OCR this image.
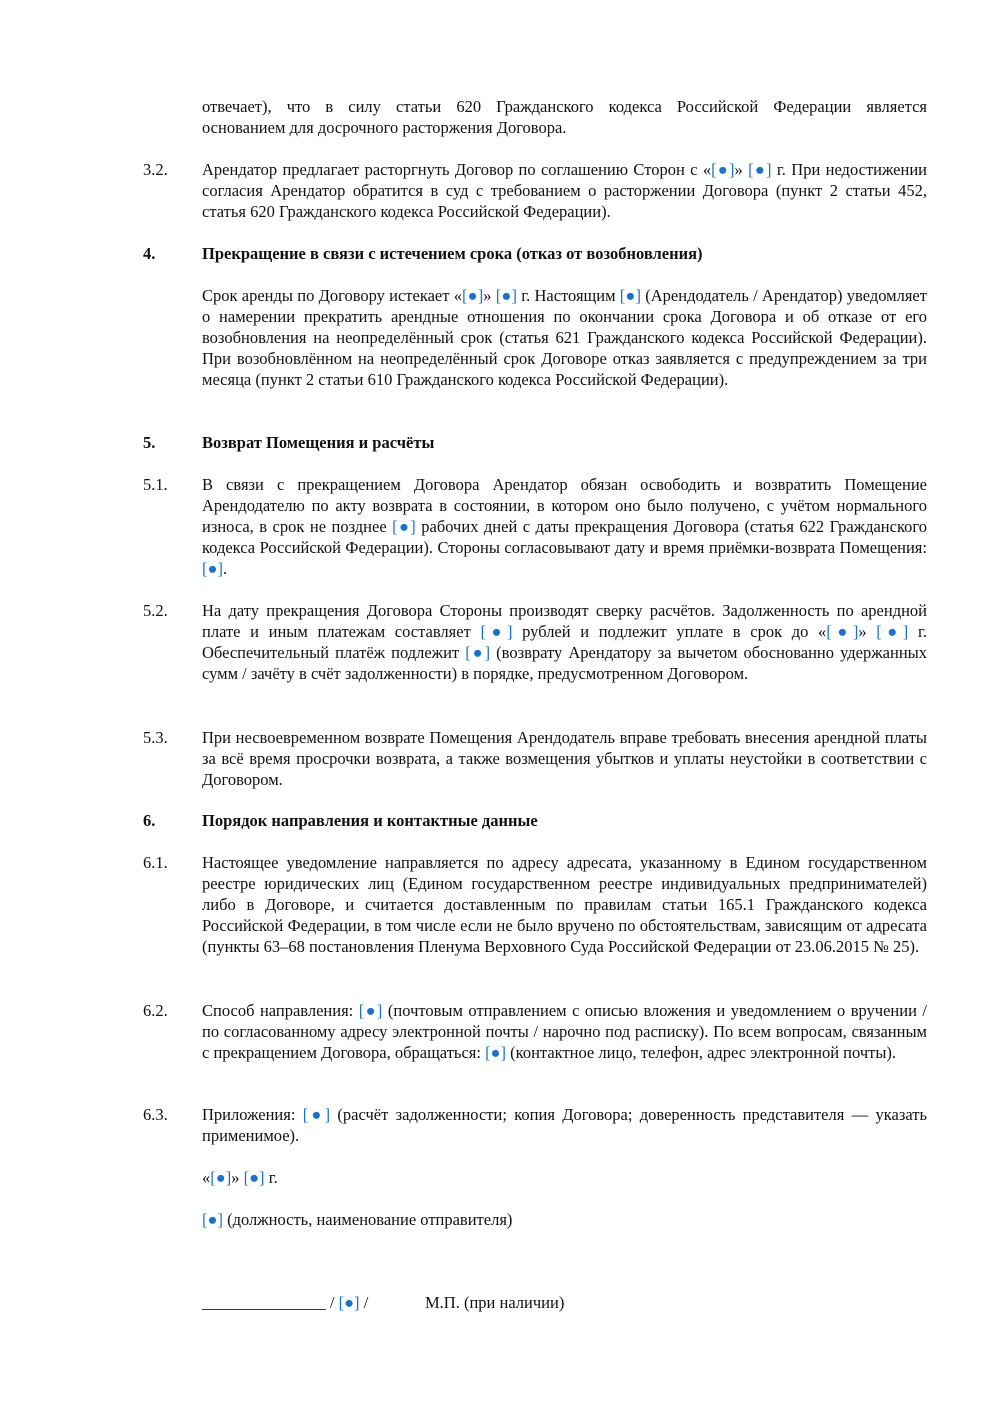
отвечает), что в силу статьи 620 Гражданского кодекса Российской Федерации является

основанием для досрочного расторжения Договора.

3.2. Арендатор предлагает расторгнуть Договор по соглашению Сторон с «[●]» [●] г. При недостижении согласия Арендатор обратится в суд с требованием о расторжении Договора (пункт 2 статьи 452, статья 620 Гражданского кодекса Российской Федерации).

4.	Прекращение в связи с истечением срока (отказ от возобновления)

Срок аренды по Договору истекает «[●]» [●] г. Настоящим [●] (Арендодатель / Арендатор) уведомляет о намерении прекратить арендные отношения по окончании срока Договора и об отказе от его возобновления на неопределённый срок (статья 621 Гражданского кодекса Российской Федерации). При возобновлённом на неопределённый срок Договоре отказ заявляется с предупреждением за три месяца (пункт 2 статьи 610 Гражданского кодекса Российской Федерации).

5.	Возврат Помещения и расчёты

5.1. В связи с прекращением Договора Арендатор обязан освободить и возвратить Помещение Арендодателю по акту возврата в состоянии, в котором оно было получено, с учётом нормального износа, в срок не позднее [●] рабочих дней с даты прекращения Договора (статья 622 Гражданского кодекса Российской Федерации). Стороны согласовывают дату и время приёмки-возврата Помещения: [●].

5.2. На дату прекращения Договора Стороны производят сверку расчётов. Задолженность по арендной плате и иным платежам составляет [●] рублей и подлежит уплате в срок до «[●]» [●] г. Обеспечительный платёж подлежит [●] (возврату Арендатору за вычетом обоснованно удержанных сумм / зачёту в счёт задолженности) в порядке, предусмотренном Договором.

5.3. При несвоевременном возврате Помещения Арендодатель вправе требовать внесения арендной платы за всё время просрочки возврата, а также возмещения убытков и уплаты неустойки в соответствии с Договором.

6.	Порядок направления и контактные данные

6.1. Настоящее уведомление направляется по адресу адресата, указанному в Едином государственном реестре юридических лиц (Едином государственном реестре индивидуальных предпринимателей) либо в Договоре, и считается доставленным по правилам статьи 165.1 Гражданского кодекса Российской Федерации, в том числе если не было вручено по обстоятельствам, зависящим от адресата (пункты 63–68 постановления Пленума Верховного Суда Российской Федерации от 23.06.2015 № 25).

6.2. Способ направления: [●] (почтовым отправлением с описью вложения и уведомлением о вручении / по согласованному адресу электронной почты / нарочно под расписку). По всем вопросам, связанным с прекращением Договора, обращаться: [●] (контактное лицо, телефон, адрес электронной почты).

6.3. Приложения: [●] (расчёт задолженности; копия Договора; доверенность представителя — указать применимое).

«[●]» [●] г.

[●] (должность, наименование отправителя)

_______________ / [●] /	М.П. (при наличии)
